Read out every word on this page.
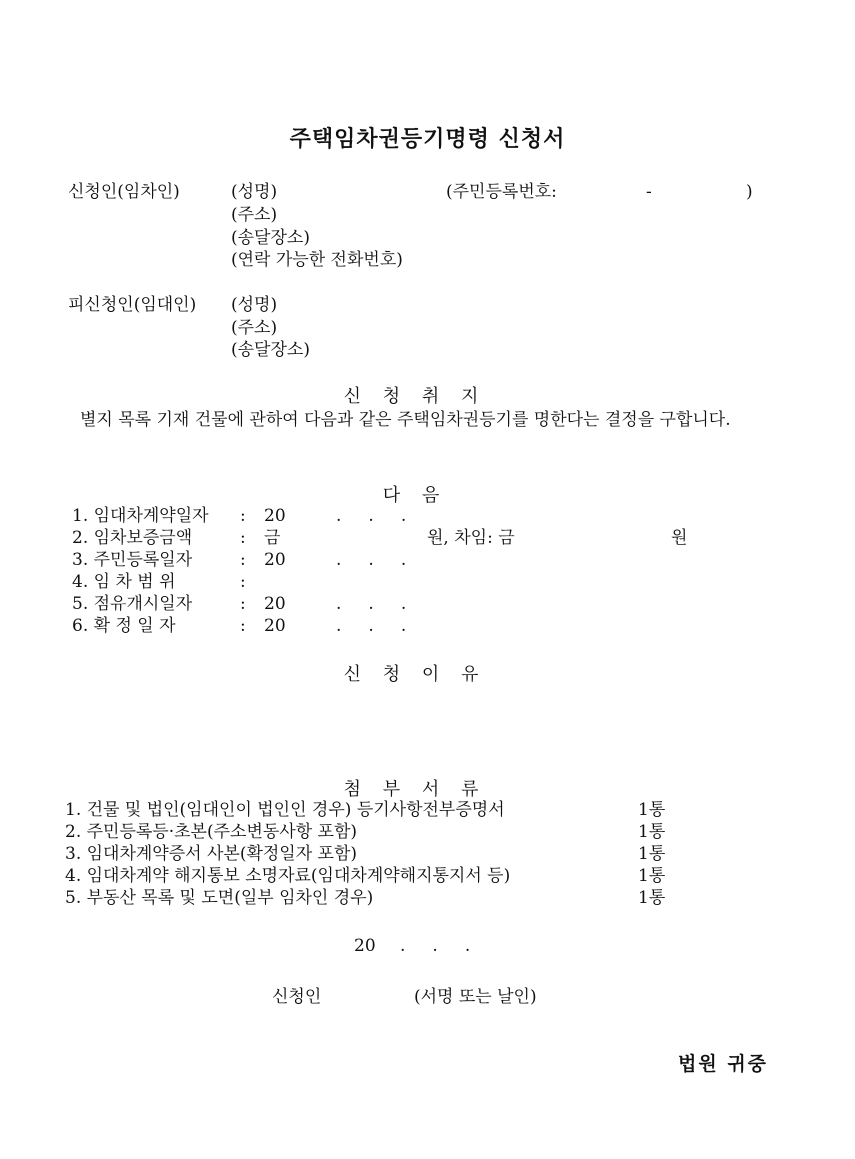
주택임차권등기명령 신청서
신청인(임차인)	(성명)	(주민등록번호:	-	)
(주소)
(송달장소)
(연락 가능한 전화번호)
피신청인(임대인) (성명)
(주소)
(송달장소)
신 청 취 지
별지 목록 기재 건물에 관하여 다음과 같은 주택임차권등기를 명한다는 결정을 구합니다.
다 음
1. 임대차계약일자 : 20	.     .     .
2. 임차보증금액	: 금	원, 차임: 금	원
3. 주민등록일자	: 20	.     .     .
4. 임 차 범 위	:
5. 점유개시일자	: 20	.     .     .
6. 확 정 일 자	: 20	.     .     .
신 청 이 유
첨 부 서 류
1. 건물 및 법인(임대인이 법인인 경우) 등기사항전부증명서	1통
2. 주민등록등·초본(주소변동사항 포함)	1통
3. 임대차계약증서 사본(확정일자 포함)	1통
4. 임대차계약 해지통보 소명자료(임대차계약해지통지서 등)	1통
5. 부동산 목록 및 도면(일부 임차인 경우)	1통
20 .     .     .
신청인	(서명 또는 날인)
법원 귀중
